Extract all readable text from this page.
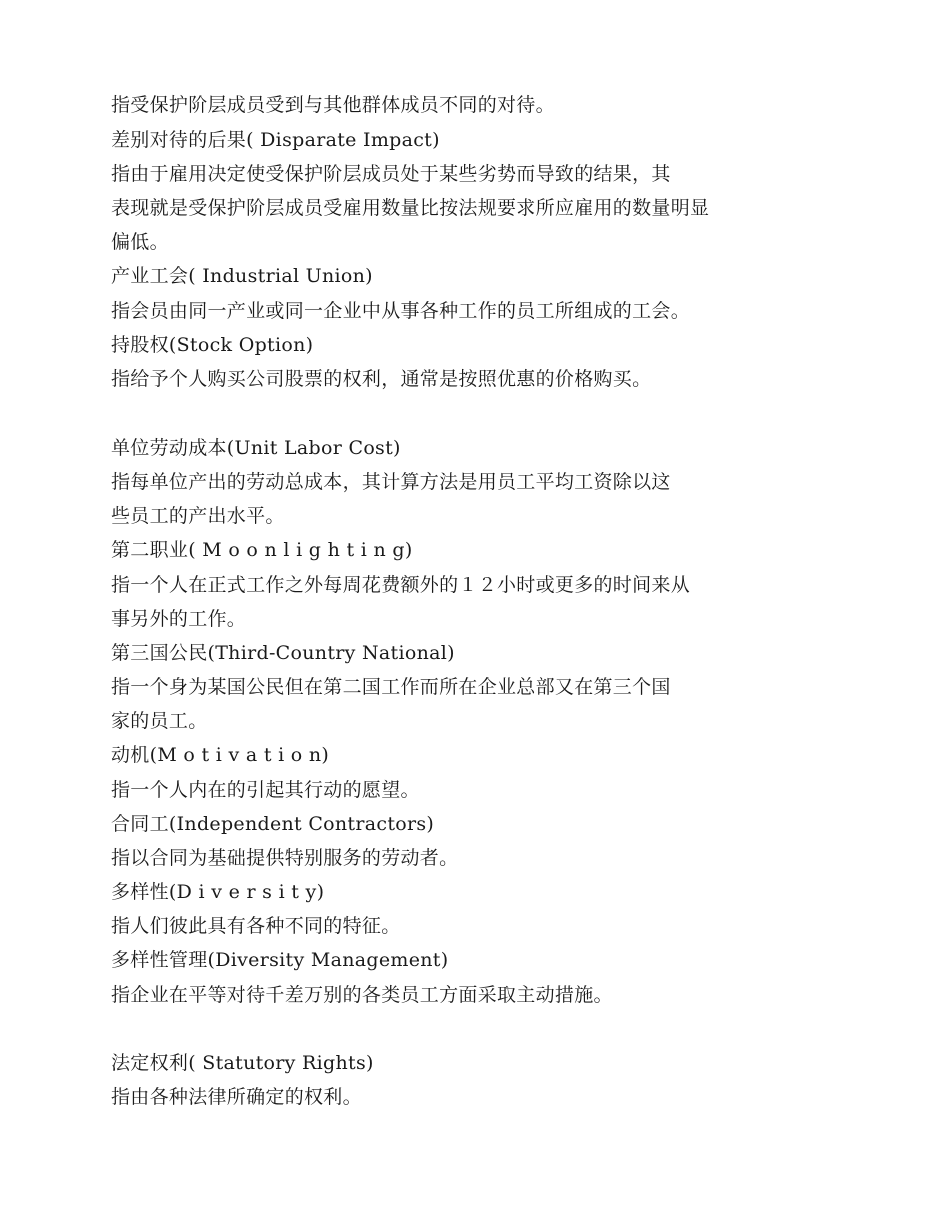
指受保护阶层成员受到与其他群体成员不同的对待。
差别对待的后果( Disparate Impact)
指由于雇用决定使受保护阶层成员处于某些劣势而导致的结果，其
表现就是受保护阶层成员受雇用数量比按法规要求所应雇用的数量明显
偏低。
产业工会( Industrial Union)
指会员由同一产业或同一企业中从事各种工作的员工所组成的工会。
持股权(Stock Option)
指给予个人购买公司股票的权利，通常是按照优惠的价格购买。
单位劳动成本(Unit Labor Cost)
指每单位产出的劳动总成本，其计算方法是用员工平均工资除以这
些员工的产出水平。
第二职业( M o o n l i g h t i n g)
指一个人在正式工作之外每周花费额外的１２小时或更多的时间来从
事另外的工作。
第三国公民(Third-Country National)
指一个身为某国公民但在第二国工作而所在企业总部又在第三个国
家的员工。
动机(M o t i v a t i o n)
指一个人内在的引起其行动的愿望。
合同工(Independent Contractors)
指以合同为基础提供特别服务的劳动者。
多样性(D i v e r s i t y)
指人们彼此具有各种不同的特征。
多样性管理(Diversity Management)
指企业在平等对待千差万别的各类员工方面采取主动措施。
法定权利( Statutory Rights)
指由各种法律所确定的权利。
